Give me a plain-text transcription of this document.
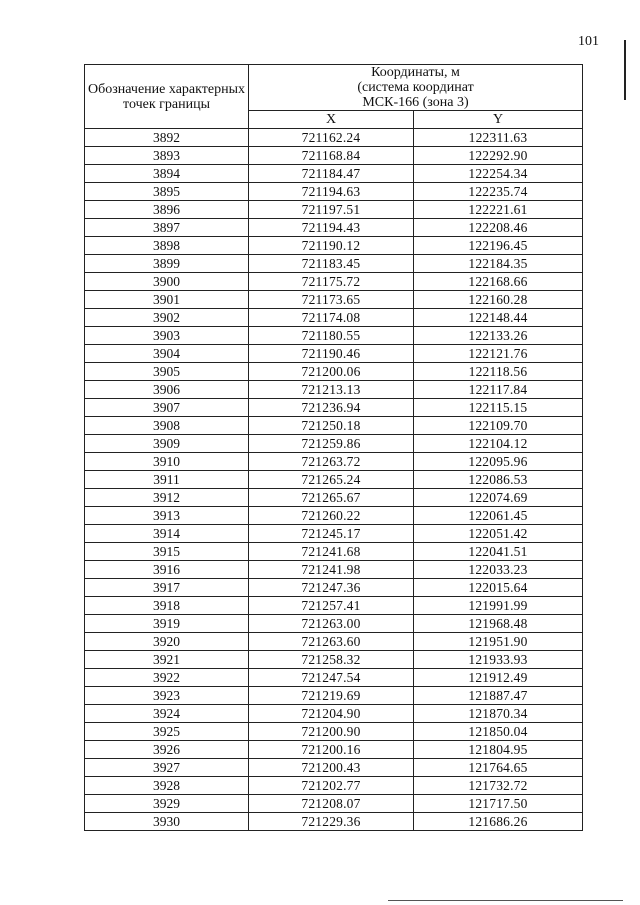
101
Обозначение характерных точек границы	Координаты, м
(система координат
МСК-166 (зона 3)	

	X	Y
3892	721162.24	122311.63
3893	721168.84	122292.90
3894	721184.47	122254.34
3895	721194.63	122235.74
3896	721197.51	122221.61
3897	721194.43	122208.46
3898	721190.12	122196.45
3899	721183.45	122184.35
3900	721175.72	122168.66
3901	721173.65	122160.28
3902	721174.08	122148.44
3903	721180.55	122133.26
3904	721190.46	122121.76
3905	721200.06	122118.56
3906	721213.13	122117.84
3907	721236.94	122115.15
3908	721250.18	122109.70
3909	721259.86	122104.12
3910	721263.72	122095.96
3911	721265.24	122086.53
3912	721265.67	122074.69
3913	721260.22	122061.45
3914	721245.17	122051.42
3915	721241.68	122041.51
3916	721241.98	122033.23
3917	721247.36	122015.64
3918	721257.41	121991.99
3919	721263.00	121968.48
3920	721263.60	121951.90
3921	721258.32	121933.93
3922	721247.54	121912.49
3923	721219.69	121887.47
3924	721204.90	121870.34
3925	721200.90	121850.04
3926	721200.16	121804.95
3927	721200.43	121764.65
3928	721202.77	121732.72
3929	721208.07	121717.50
3930	721229.36	121686.26
